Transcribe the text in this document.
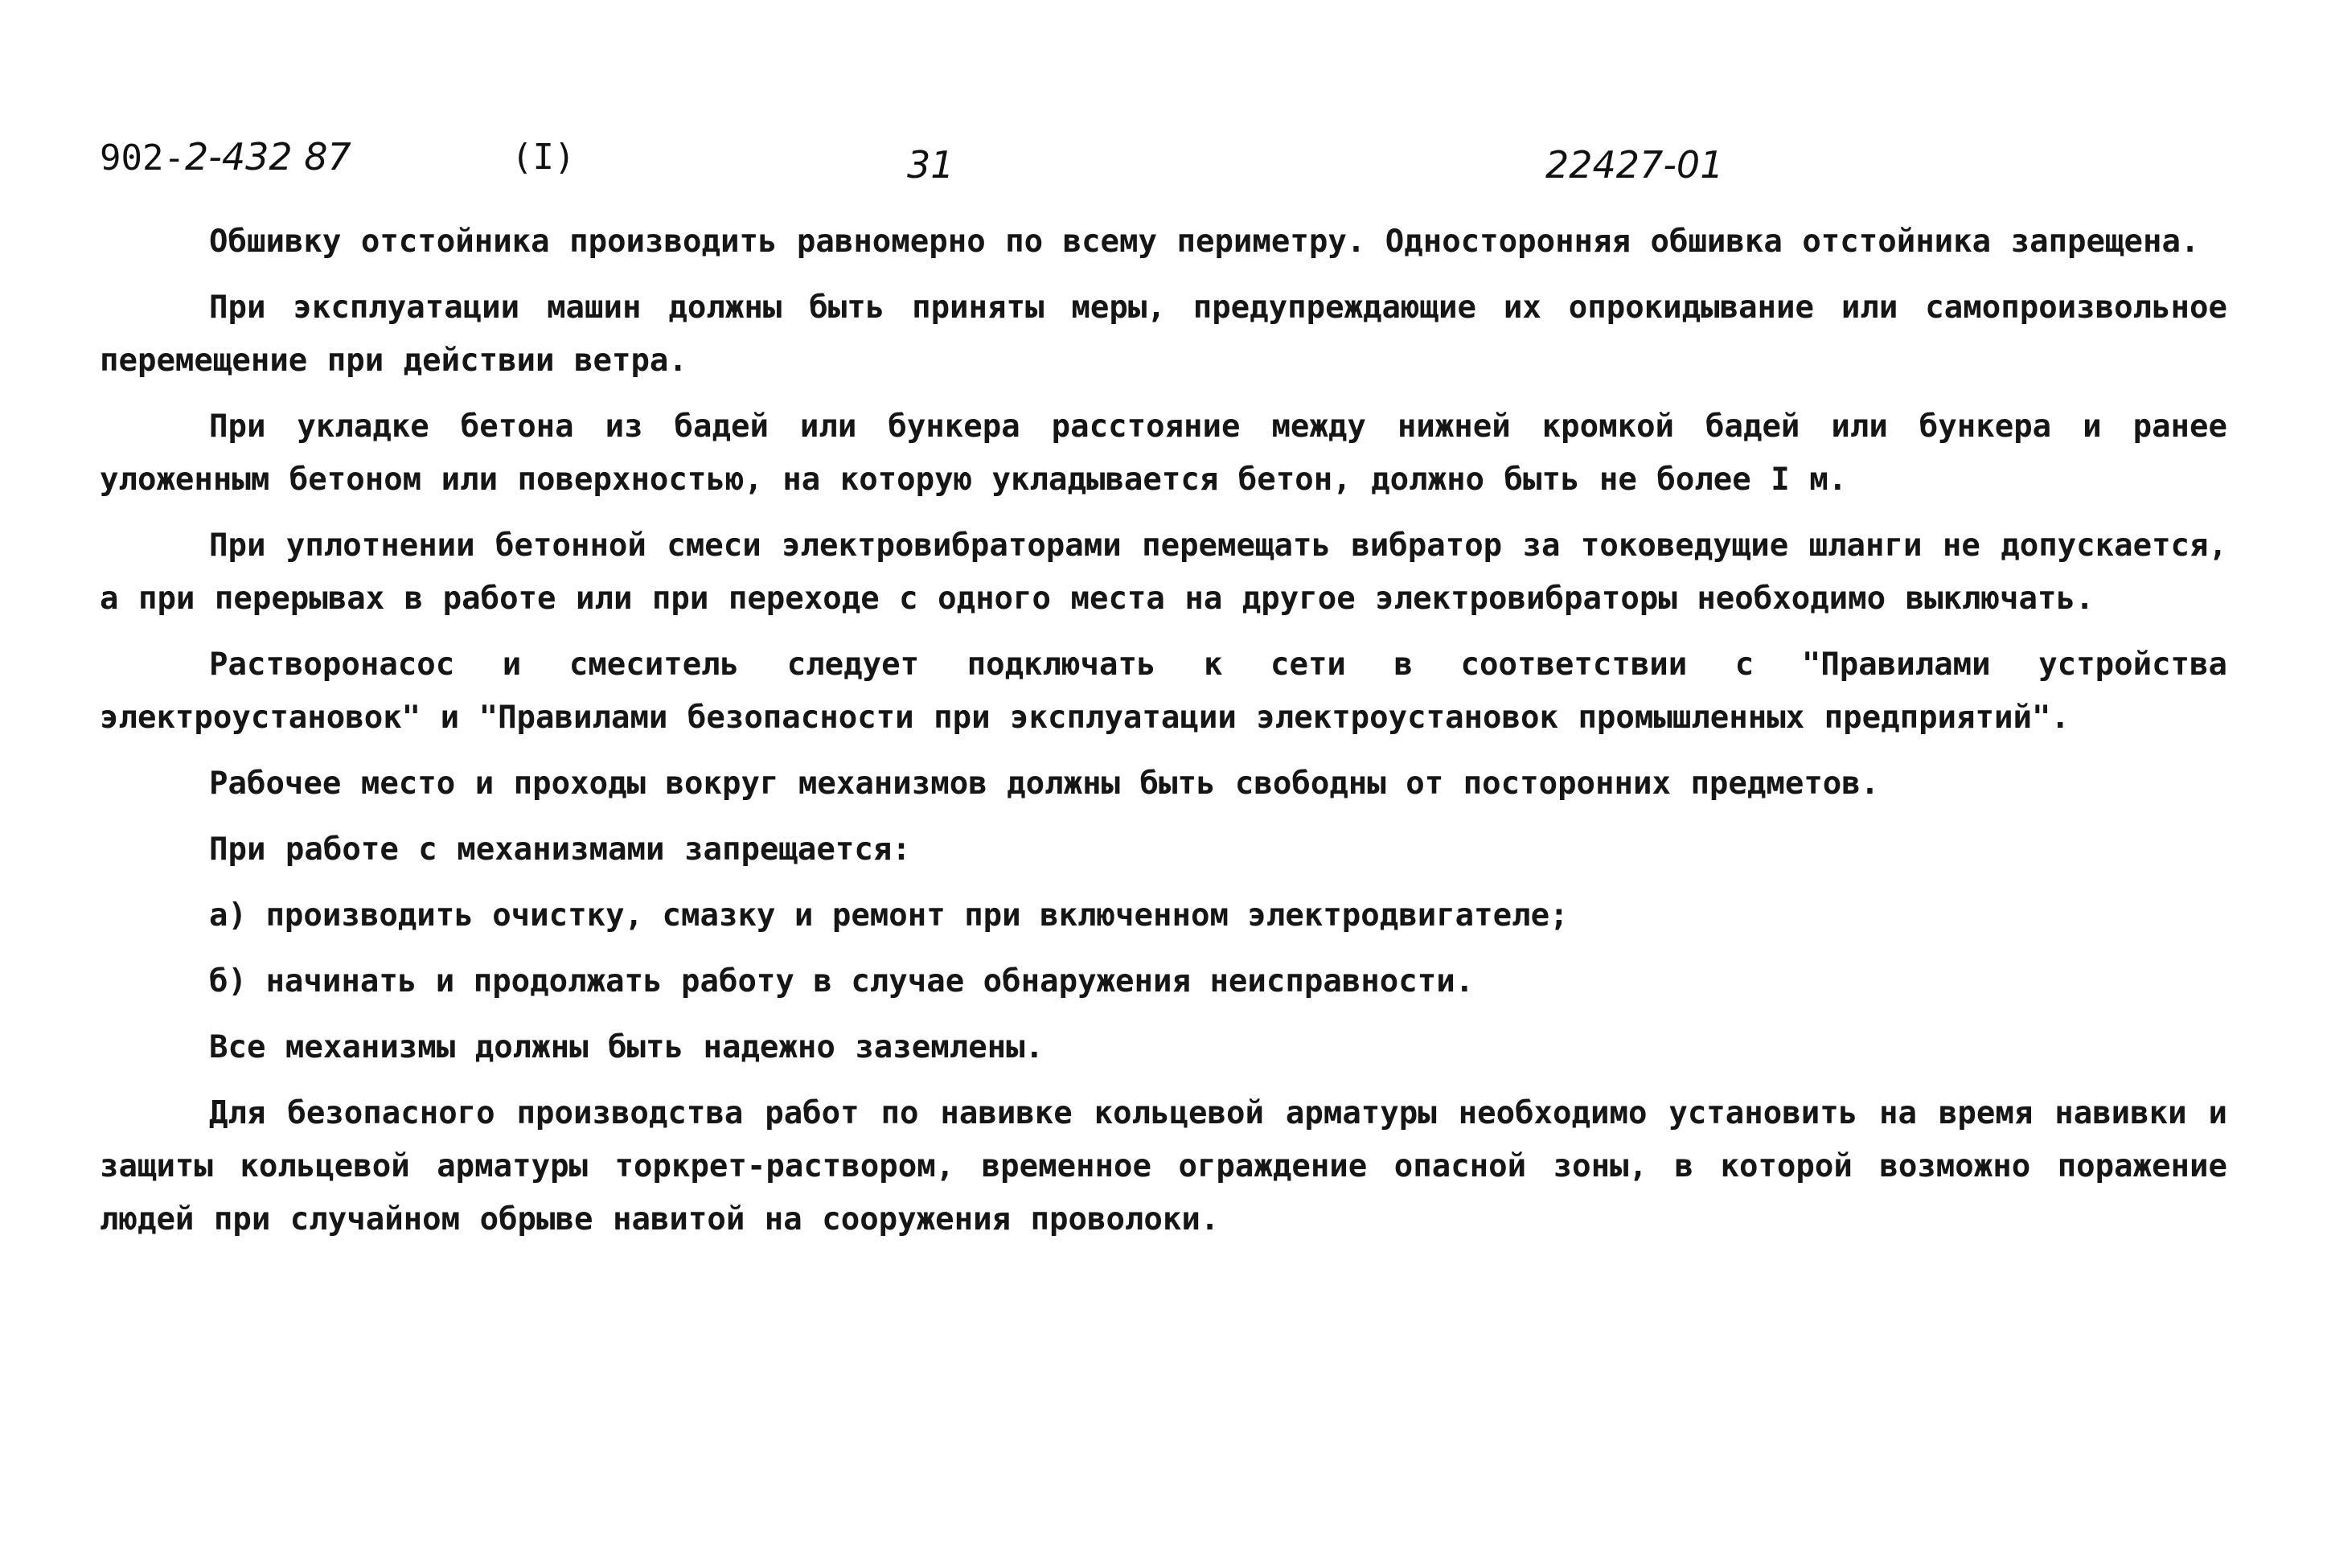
902-2-432 87	(I)	31	22427-01

Обшивку отстойника производить равномерно по всему периметру. Односторонняя обшивка отстойника запрещена.

При эксплуатации машин должны быть приняты меры, предупреждающие их опрокидывание или самопроизвольное перемещение при действии ветра.

При укладке бетона из бадей или бункера расстояние между нижней кромкой бадей или бункера и ранее уложенным бетоном или поверхностью, на которую укладывается бетон, должно быть не более I м.

При уплотнении бетонной смеси электровибраторами перемещать вибратор за токоведущие шланги не допускается, а при перерывах в работе или при переходе с одного места на другое электровибраторы необходимо выключать.

Растворонасос и смеситель следует подключать к сети в соответствии с "Правилами устройства электроустановок" и "Правилами безопасности при эксплуатации электроустановок промышленных предприятий".

Рабочее место и проходы вокруг механизмов должны быть свободны от посторонних предметов.

При работе с механизмами запрещается:

а) производить очистку, смазку и ремонт при включенном электродвигателе;

б) начинать и продолжать работу в случае обнаружения неисправности.

Все механизмы должны быть надежно заземлены.

Для безопасного производства работ по навивке кольцевой арматуры необходимо установить на время навивки и защиты кольцевой арматуры торкрет-раствором, временное ограждение опасной зоны, в которой возможно поражение людей при случайном обрыве навитой на сооружения проволоки.
